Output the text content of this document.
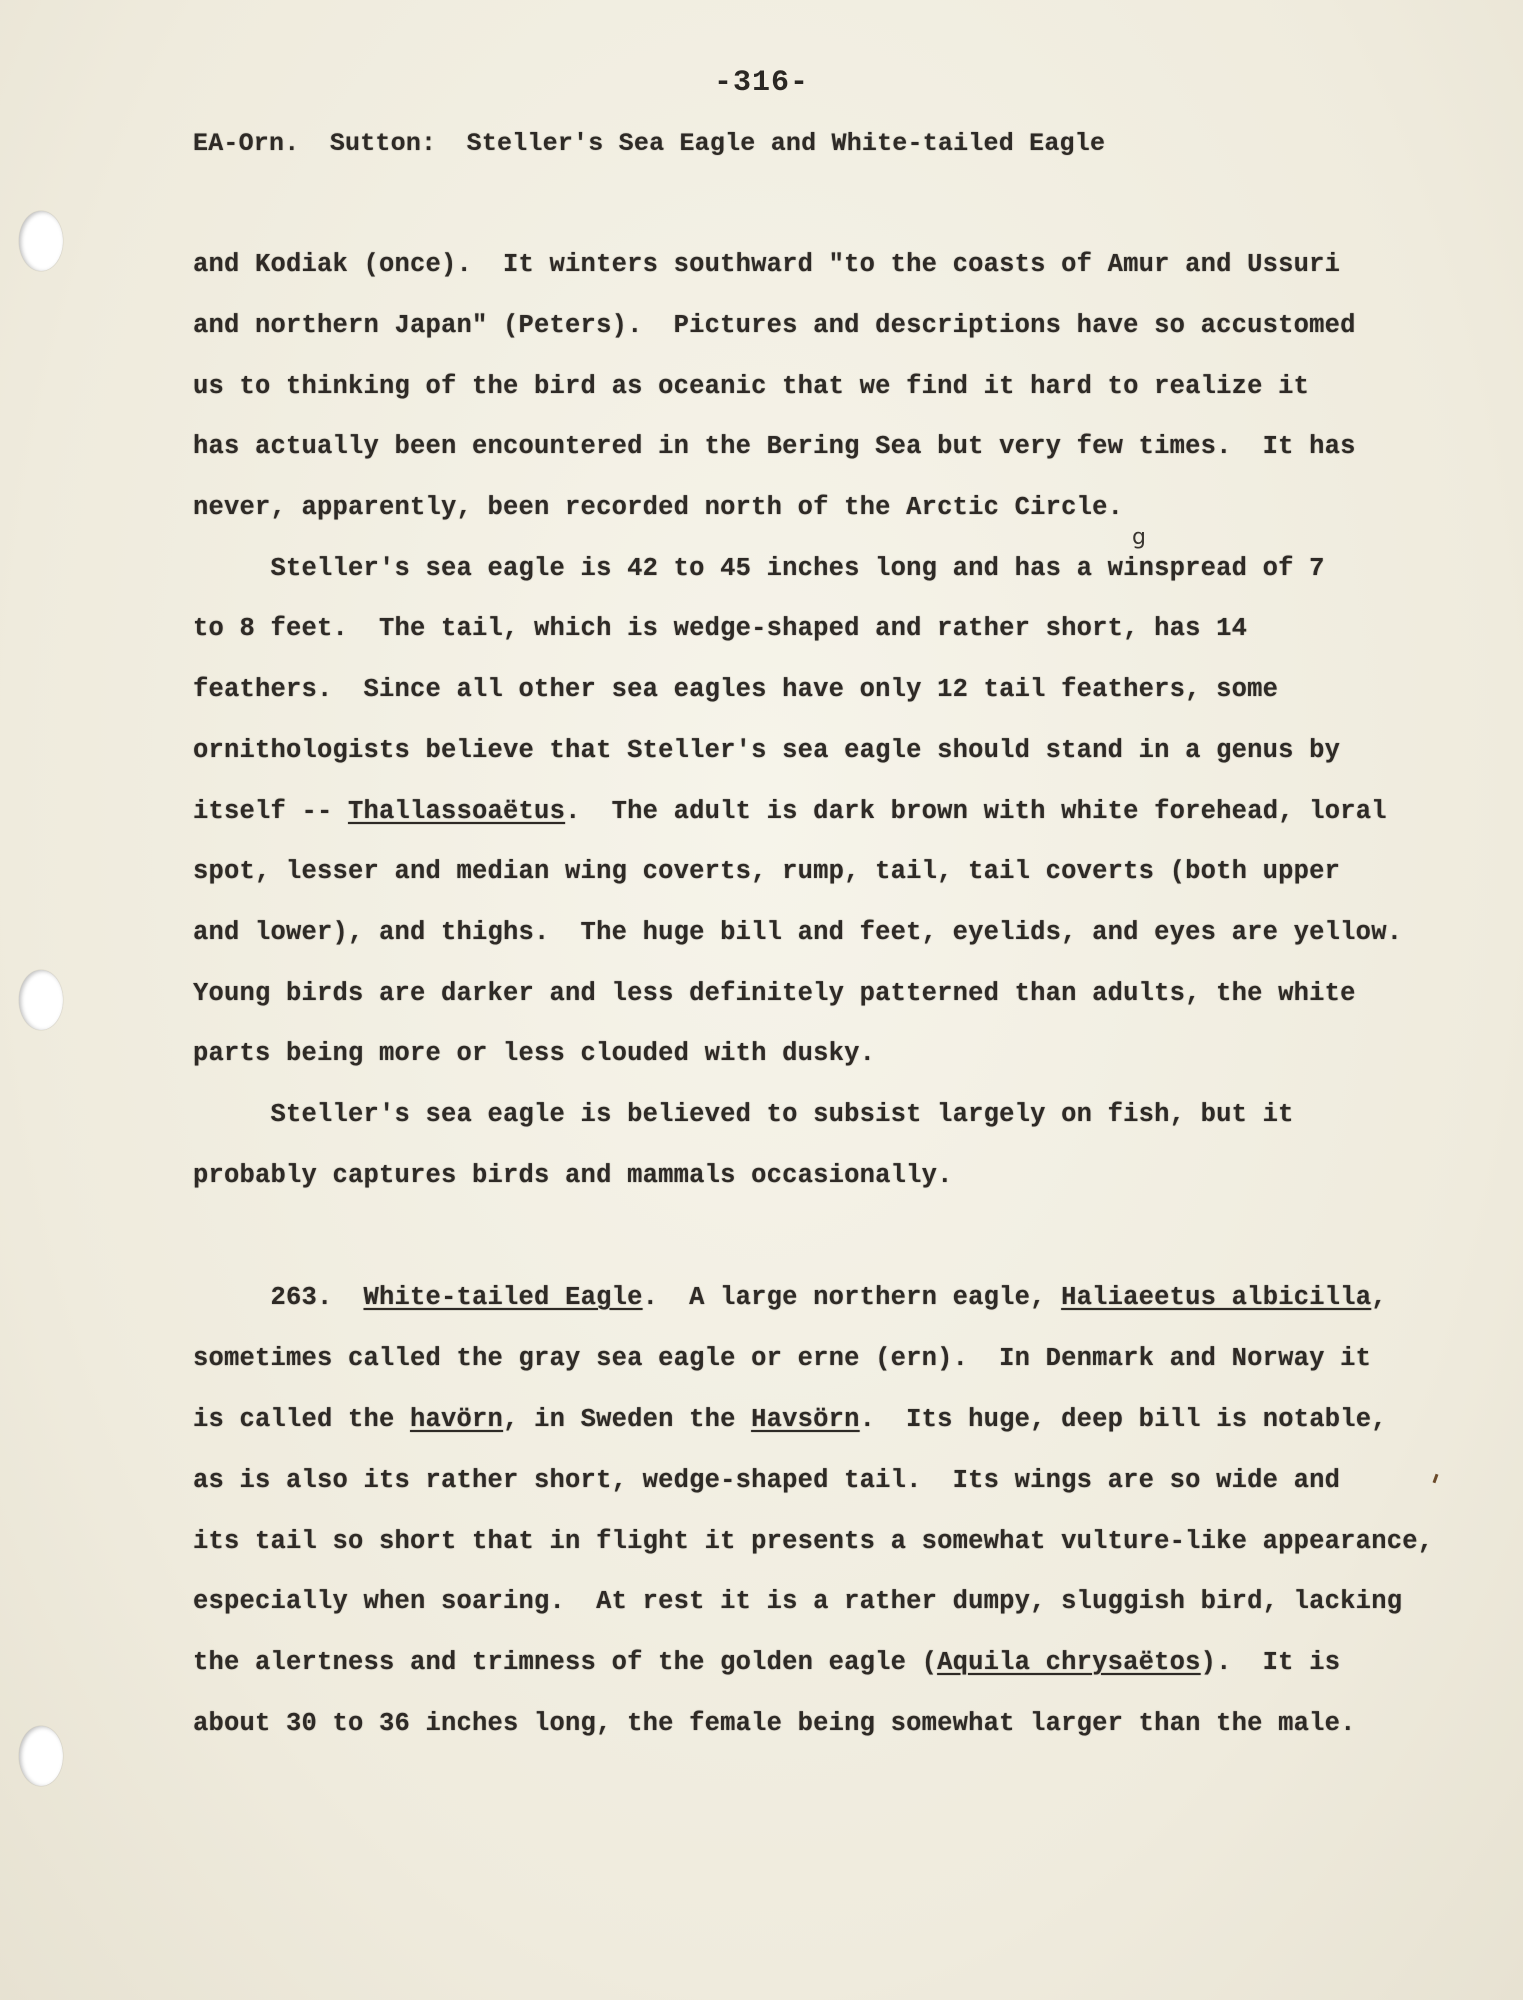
-316-
EA-Orn.  Sutton:  Steller's Sea Eagle and White-tailed Eagle
g
and Kodiak (once).  It winters southward "to the coasts of Amur and Ussuri
and northern Japan" (Peters).  Pictures and descriptions have so accustomed
us to thinking of the bird as oceanic that we find it hard to realize it
has actually been encountered in the Bering Sea but very few times.  It has
never, apparently, been recorded north of the Arctic Circle.
Steller's sea eagle is 42 to 45 inches long and has a winspread of 7
to 8 feet.  The tail, which is wedge-shaped and rather short, has 14
feathers.  Since all other sea eagles have only 12 tail feathers, some
ornithologists believe that Steller's sea eagle should stand in a genus by
itself -- Thallassoaëtus.  The adult is dark brown with white forehead, loral
spot, lesser and median wing coverts, rump, tail, tail coverts (both upper
and lower), and thighs.  The huge bill and feet, eyelids, and eyes are yellow.
Young birds are darker and less definitely patterned than adults, the white
parts being more or less clouded with dusky.
Steller's sea eagle is believed to subsist largely on fish, but it
probably captures birds and mammals occasionally.
263.  White-tailed Eagle.  A large northern eagle, Haliaeetus albicilla,
sometimes called the gray sea eagle or erne (ern).  In Denmark and Norway it
is called the havörn, in Sweden the Havsörn.  Its huge, deep bill is notable,
as is also its rather short, wedge-shaped tail.  Its wings are so wide and
its tail so short that in flight it presents a somewhat vulture-like appearance,
especially when soaring.  At rest it is a rather dumpy, sluggish bird, lacking
the alertness and trimness of the golden eagle (Aquila chrysaëtos).  It is
about 30 to 36 inches long, the female being somewhat larger than the male.
